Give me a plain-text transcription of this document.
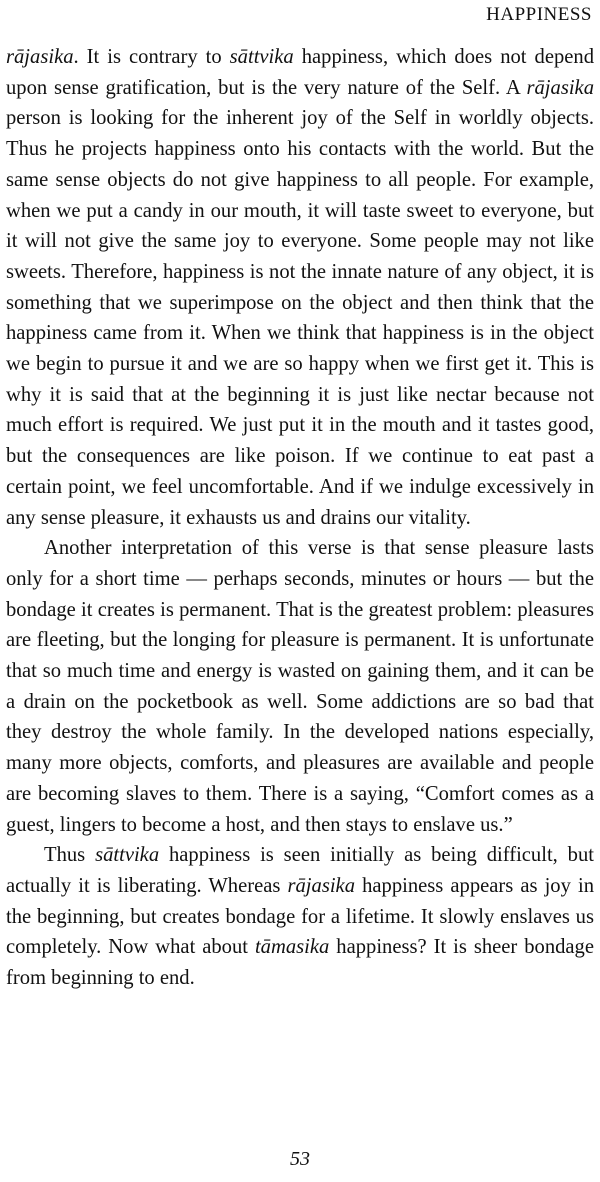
HAPPINESS

rājasika. It is contrary to sāttvika happiness, which does not depend upon sense gratification, but is the very nature of the Self. A rājasika person is looking for the inherent joy of the Self in worldly objects. Thus he projects happiness onto his contacts with the world. But the same sense objects do not give happiness to all people. For example, when we put a candy in our mouth, it will taste sweet to everyone, but it will not give the same joy to everyone. Some people may not like sweets. Therefore, happiness is not the innate nature of any object, it is something that we superimpose on the object and then think that the happiness came from it. When we think that happiness is in the object we begin to pursue it and we are so happy when we first get it. This is why it is said that at the beginning it is just like nectar because not much effort is required. We just put it in the mouth and it tastes good, but the consequences are like poison. If we continue to eat past a certain point, we feel uncomfortable. And if we indulge excessively in any sense pleasure, it exhausts us and drains our vitality.

Another interpretation of this verse is that sense pleasure lasts only for a short time — perhaps seconds, minutes or hours — but the bondage it creates is permanent. That is the greatest problem: pleasures are fleeting, but the longing for pleasure is permanent. It is unfortunate that so much time and energy is wasted on gaining them, and it can be a drain on the pocketbook as well. Some addictions are so bad that they destroy the whole family. In the developed nations especially, many more objects, comforts, and pleasures are available and people are becoming slaves to them. There is a saying, “Comfort comes as a guest, lingers to become a host, and then stays to enslave us.”

Thus sāttvika happiness is seen initially as being difficult, but actually it is liberating. Whereas rājasika happiness appears as joy in the beginning, but creates bondage for a lifetime. It slowly enslaves us completely. Now what about tāmasika happiness? It is sheer bondage from beginning to end.

53
